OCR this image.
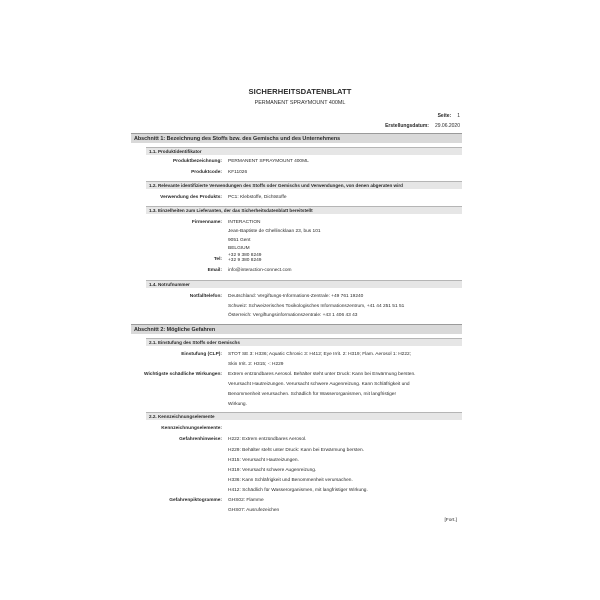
SICHERHEITSDATENBLATT
PERMANENT SPRAYMOUNT 400ML
Seite: 1
Erstellungsdatum: 29.06.2020
Abschnitt 1: Bezeichnung des Stoffs bzw. des Gemischs und des Unternehmens
1.1. Produktidentifikator
Produktbezeichnung: PERMANENT SPRAYMOUNT 400ML
Produktcode: KF11026
1.2. Relevante identifizierte Verwendungen des Stoffs oder Gemischs und Verwendungen, von denen abgeraten wird
Verwendung des Produkts: PC1: Klebstoffe, Dichtstoffe
1.3. Einzelheiten zum Lieferanten, der das Sicherheitsdatenblatt bereitstellt
Firmenname: INTERACTION
Jean-Baptiste de Ghellincklaan 23, bus 101
9051 Gent
BELGIUM
+32 9 380 8249
Tel: +32 9 380 8249
Email: info@interaction-connect.com
1.4. Notrufnummer
Notfalltelefon: Deutschland: Vergiftungs-Informations-Zentrale: +49 761 19240
Schweiz: Schweizerisches Toxikologisches Informationszentrum, +41 44 251 51 51
Österreich: Vergiftungsinformationszentrale: +43 1 406 43 43
Abschnitt 2: Mögliche Gefahren
2.1. Einstufung des Stoffs oder Gemischs
Einstufung (CLP): STOT SE 3: H336; Aquatic Chronic 3: H412; Eye Irrit. 2: H319; Flam. Aerosol 1: H222;
Skin Irrit. 2: H315; -: H229
Wichtigste schädliche Wirkungen: Extrem entzündbares Aerosol. Behälter steht unter Druck: Kann bei Erwärmung bersten.
Verursacht Hautreizungen. Verursacht schwere Augenreizung. Kann Schläfrigkeit und
Benommenheit verursachen. Schädlich für Wasserorganismen, mit langfristiger
Wirkung.
2.2. Kennzeichnungselemente
Kennzeichnungselemente:
Gefahrenhinweise: H222: Extrem entzündbares Aerosol.
H229: Behälter steht unter Druck: Kann bei Erwärmung bersten.
H315: Verursacht Hautreizungen.
H319: Verursacht schwere Augenreizung.
H336: Kann Schläfrigkeit und Benommenheit verursachen.
H412: Schädlich für Wasserorganismen, mit langfristiger Wirkung.
Gefahrenpiktogramme: GHS02: Flamme
GHS07: Ausrufezeichen
[Fort.]
